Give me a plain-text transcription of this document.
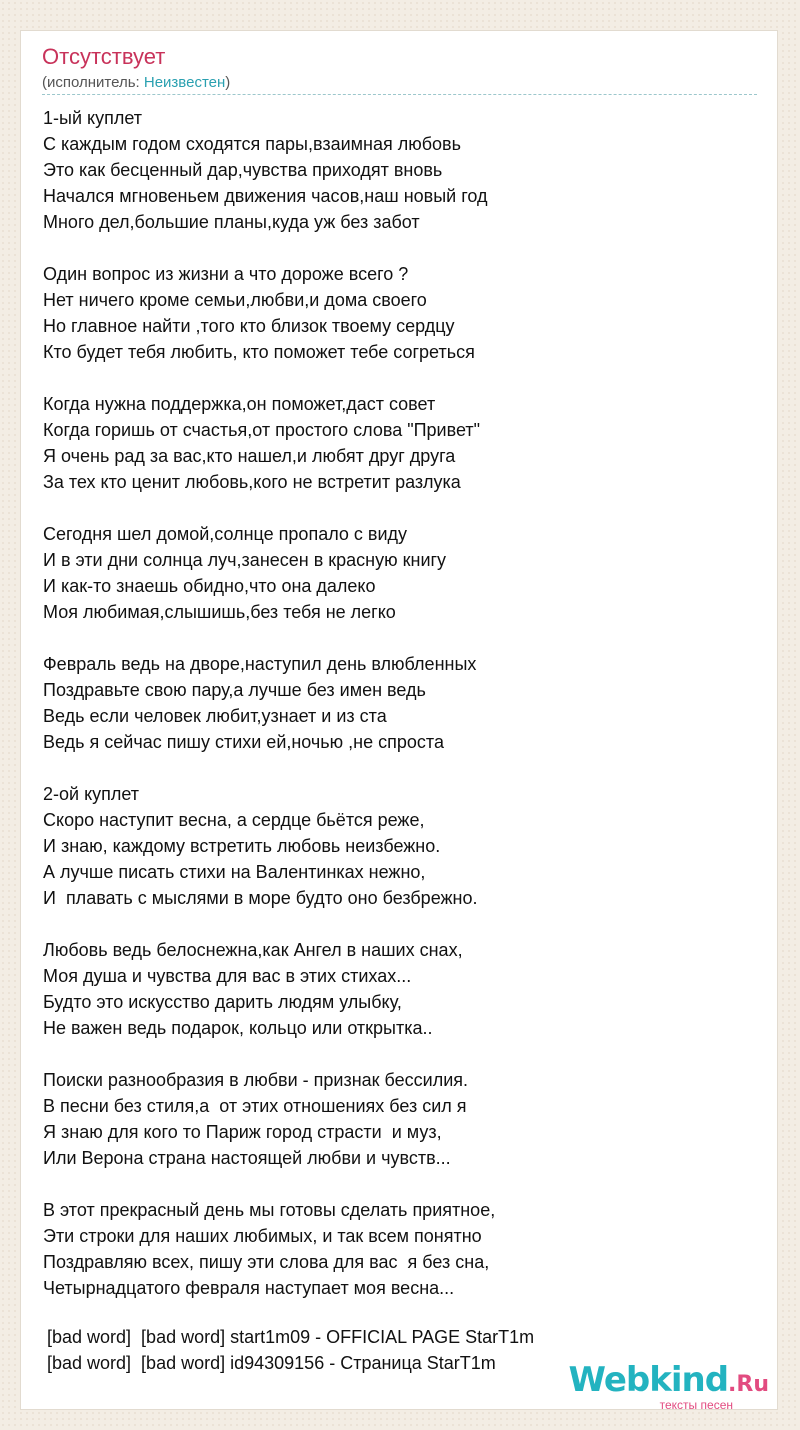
Отсутствует
(исполнитель: Неизвестен)
1-ый куплет
С каждым годом сходятся пары,взаимная любовь
Это как бесценный дар,чувства приходят вновь
Начался мгновеньем движения часов,наш новый год
Много дел,большие планы,куда уж без забот
Один вопрос из жизни а что дороже всего ?
Нет ничего кроме семьи,любви,и дома своего
Но главное найти ,того кто близок твоему сердцу
Кто будет тебя любить, кто поможет тебе согреться
Когда нужна поддержка,он поможет,даст совет
Когда горишь от счастья,от простого слова "Привет"
Я очень рад за вас,кто нашел,и любят друг друга
За тех кто ценит любовь,кого не встретит разлука
Сегодня шел домой,солнце пропало с виду
И в эти дни солнца луч,занесен в красную книгу
И как-то знаешь обидно,что она далеко
Моя любимая,слышишь,без тебя не легко
Февраль ведь на дворе,наступил день влюбленных
Поздравьте свою пару,а лучше без имен ведь
Ведь если человек любит,узнает и из ста
Ведь я сейчас пишу стихи ей,ночью ,не спроста
2-ой куплет
Скоро наступит весна, а сердце бьётся реже,
И знаю, каждому встретить любовь неизбежно.
А лучше писать стихи на Валентинках нежно,
И  плавать с мыслями в море будто оно безбрежно.
Любовь ведь белоснежна,как Ангел в наших снах,
Моя душа и чувства для вас в этих стихах...
Будто это искусство дарить людям улыбку,
Не важен ведь подарок, кольцо или открытка..
Поиски разнообразия в любви - признак бессилия.
В песни без стиля,а  от этих отношениях без сил я
Я знаю для кого то Париж город страсти  и муз,
Или Верона страна настоящей любви и чувств...
В этот прекрасный день мы готовы сделать приятное,
Эти строки для наших любимых, и так всем понятно
Поздравляю всех, пишу эти слова для вас  я без сна,
Четырнадцатого февраля наступает моя весна...
[bad word]  [bad word] start1m09 - OFFICIAL PAGE StarT1m
[bad word]  [bad word] id94309156 - Страница StarT1m	Webkind.Ru
тексты песен
